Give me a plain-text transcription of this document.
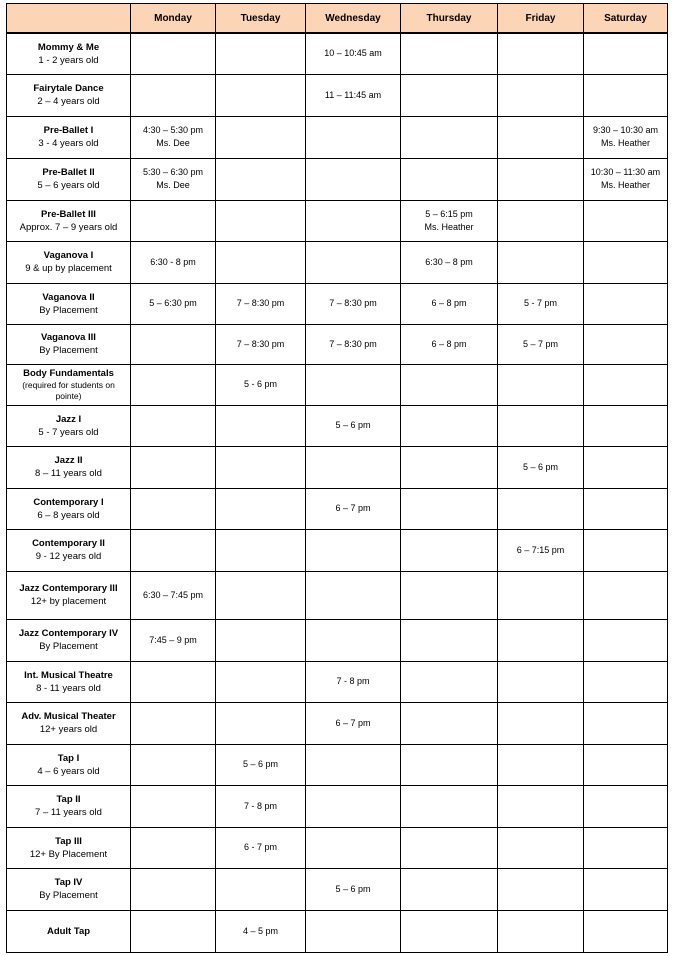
	Monday	Tuesday	Wednesday	Thursday	Friday	Saturday

Mommy & Me
1 - 2 years old			10 – 10:45 am			

Fairytale Dance
2 – 4 years old			11 – 11:45 am			

Pre-Ballet I
3 - 4 years old	4:30 – 5:30 pm
Ms. Dee					9:30 – 10:30 am
Ms. Heather

Pre-Ballet II
5 – 6 years old	5:30 – 6:30 pm
Ms. Dee					10:30 – 11:30 am
Ms. Heather

Pre-Ballet III
Approx. 7 – 9 years old				5 – 6:15 pm
Ms. Heather		

Vaganova I
9 & up by placement	6:30 - 8 pm			6:30 – 8 pm		

Vaganova II
By Placement	5 – 6:30 pm	7 – 8:30 pm	7 – 8:30 pm	6 – 8 pm	5 - 7 pm	

Vaganova III
By Placement		7 – 8:30 pm	7 – 8:30 pm	6 – 8 pm	5 – 7 pm	

Body Fundamentals
(required for students on pointe)		5 - 6 pm				

Jazz I
5 - 7 years old			5 – 6 pm			

Jazz II
8 – 11 years old					5 – 6 pm	

Contemporary I
6 – 8 years old			6 – 7 pm			

Contemporary II
9 - 12 years old					6 – 7:15 pm	

Jazz Contemporary III
12+ by placement	6:30 – 7:45 pm					

Jazz Contemporary IV
By Placement	7:45 – 9 pm					

Int. Musical Theatre
8 - 11 years old			7 - 8 pm			

Adv. Musical Theater
12+ years old			6 – 7 pm			

Tap I
4 – 6 years old		5 – 6 pm				

Tap II
7 – 11 years old		7 - 8 pm				

Tap III
12+ By Placement		6 - 7 pm				

Tap IV
By Placement			5 – 6 pm			

Adult Tap		4 – 5 pm				
